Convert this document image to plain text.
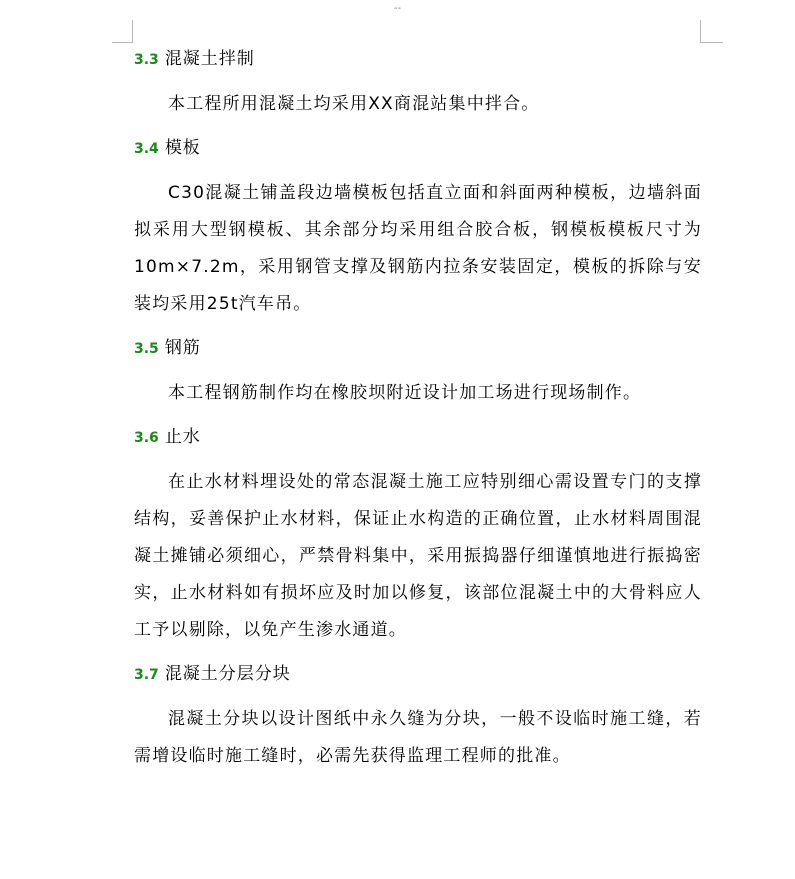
--
3.3 混凝土拌制

本工程所用混凝土均采用XX商混站集中拌合。

3.4 模板

C30混凝土铺盖段边墙模板包括直立面和斜面两种模板，边墙斜面拟采用大型钢模板、其余部分均采用组合胶合板，钢模板模板尺寸为10m×7.2m，采用钢管支撑及钢筋内拉条安装固定，模板的拆除与安装均采用25t汽车吊。

3.5 钢筋

本工程钢筋制作均在橡胶坝附近设计加工场进行现场制作。

3.6 止水

在止水材料埋设处的常态混凝土施工应特别细心需设置专门的支撑结构，妥善保护止水材料，保证止水构造的正确位置，止水材料周围混凝土摊铺必须细心，严禁骨料集中，采用振捣器仔细谨慎地进行振捣密实，止水材料如有损坏应及时加以修复，该部位混凝土中的大骨料应人工予以剔除，以免产生渗水通道。

3.7 混凝土分层分块

混凝土分块以设计图纸中永久缝为分块，一般不设临时施工缝，若需增设临时施工缝时，必需先获得监理工程师的批准。
